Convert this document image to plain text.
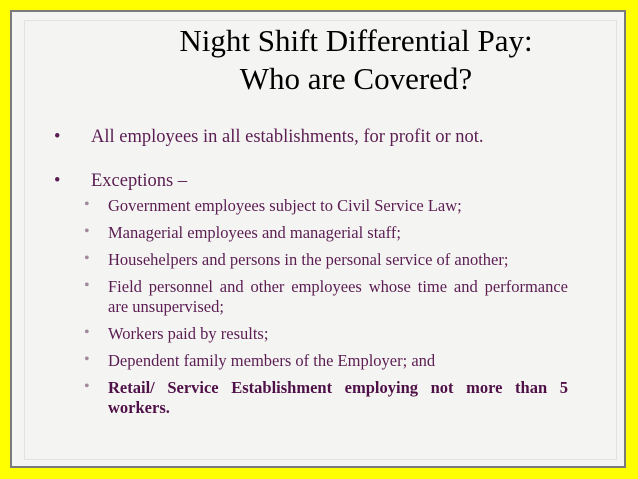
Night Shift Differential Pay:
Who are Covered?
• All employees in all establishments, for profit or not.
• Exceptions –
• Government employees subject to Civil Service Law;
• Managerial employees and managerial staff;
• Househelpers and persons in the personal service of another;
• Field personnel and other employees whose time and performance are unsupervised;
• Workers paid by results;
• Dependent family members of the Employer; and
• Retail/ Service Establishment employing not more than 5 workers.
